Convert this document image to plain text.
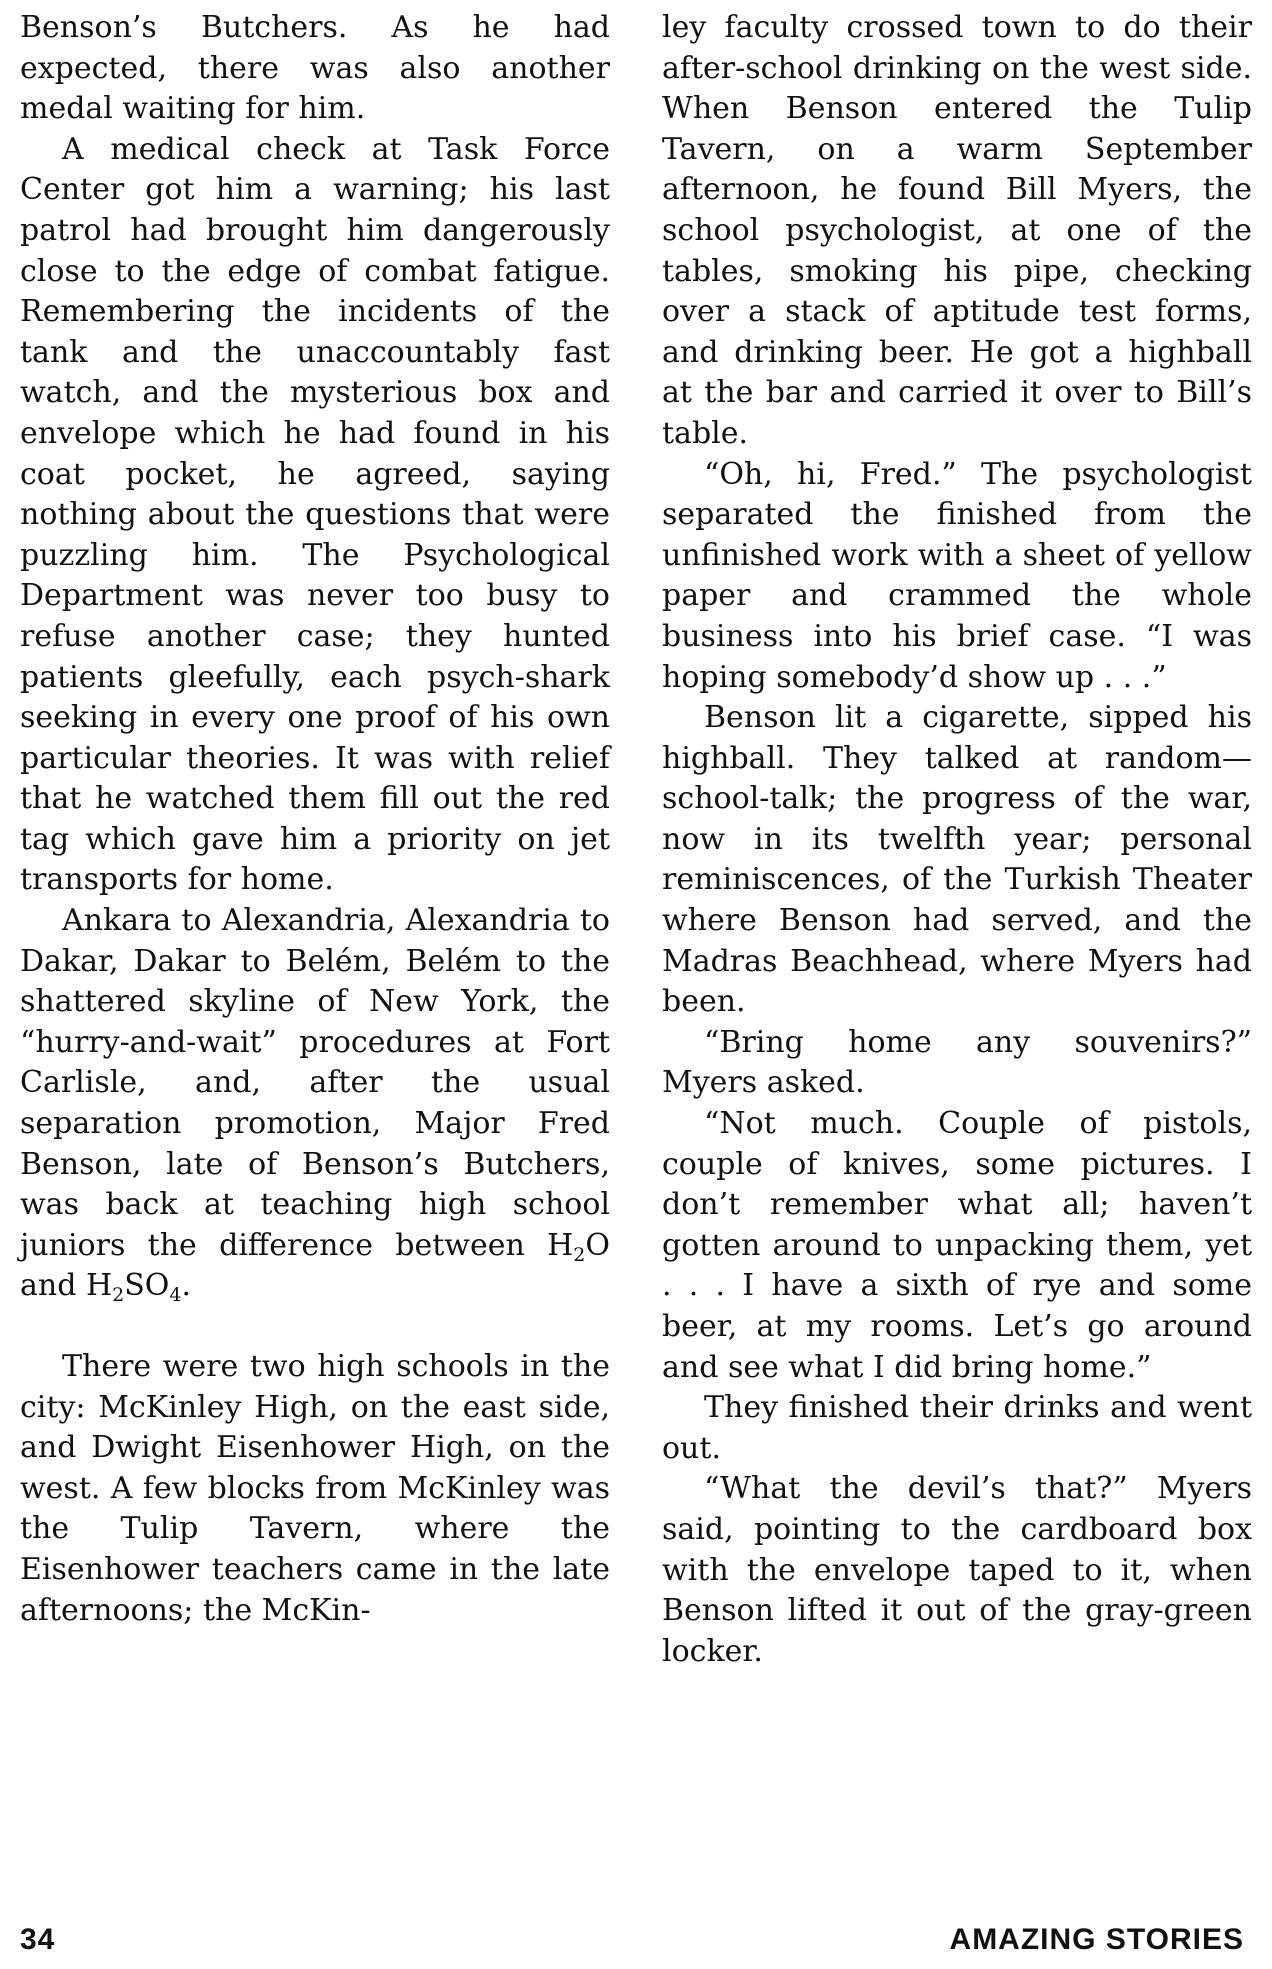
Benson’s Butchers. As he had expected, there was also another medal waiting for him.

A medical check at Task Force Center got him a warning; his last patrol had brought him dangerously close to the edge of combat fatigue. Remembering the incidents of the tank and the unaccountably fast watch, and the mysterious box and envelope which he had found in his coat pocket, he agreed, saying nothing about the questions that were puzzling him. The Psychological Department was never too busy to refuse another case; they hunted patients gleefully, each psych-shark seeking in every one proof of his own particular theories. It was with relief that he watched them fill out the red tag which gave him a priority on jet transports for home.

Ankara to Alexandria, Alexandria to Dakar, Dakar to Belém, Belém to the shattered skyline of New York, the “hurry-and-wait” procedures at Fort Carlisle, and, after the usual separation promotion, Major Fred Benson, late of Benson’s Butchers, was back at teaching high school juniors the difference between $H_2O$ and $H_2SO_4$.

There were two high schools in the city: McKinley High, on the east side, and Dwight Eisenhower High, on the west. A few blocks from McKinley was the Tulip Tavern, where the Eisenhower teachers came in the late afternoons; the McKin-

ley faculty crossed town to do their after-school drinking on the west side. When Benson entered the Tulip Tavern, on a warm September afternoon, he found Bill Myers, the school psychologist, at one of the tables, smoking his pipe, checking over a stack of aptitude test forms, and drinking beer. He got a highball at the bar and carried it over to Bill’s table.

“Oh, hi, Fred.” The psychologist separated the finished from the unfinished work with a sheet of yellow paper and crammed the whole business into his brief case. “I was hoping somebody’d show up . . .”

Benson lit a cigarette, sipped his highball. They talked at random—school-talk; the progress of the war, now in its twelfth year; personal reminiscences, of the Turkish Theater where Benson had served, and the Madras Beachhead, where Myers had been.

“Bring home any souvenirs?” Myers asked.

“Not much. Couple of pistols, couple of knives, some pictures. I don’t remember what all; haven’t gotten around to unpacking them, yet . . . I have a sixth of rye and some beer, at my rooms. Let’s go around and see what I did bring home.”

They finished their drinks and went out.

“What the devil’s that?” Myers said, pointing to the cardboard box with the envelope taped to it, when Benson lifted it out of the gray-green locker.

34	AMAZING STORIES
